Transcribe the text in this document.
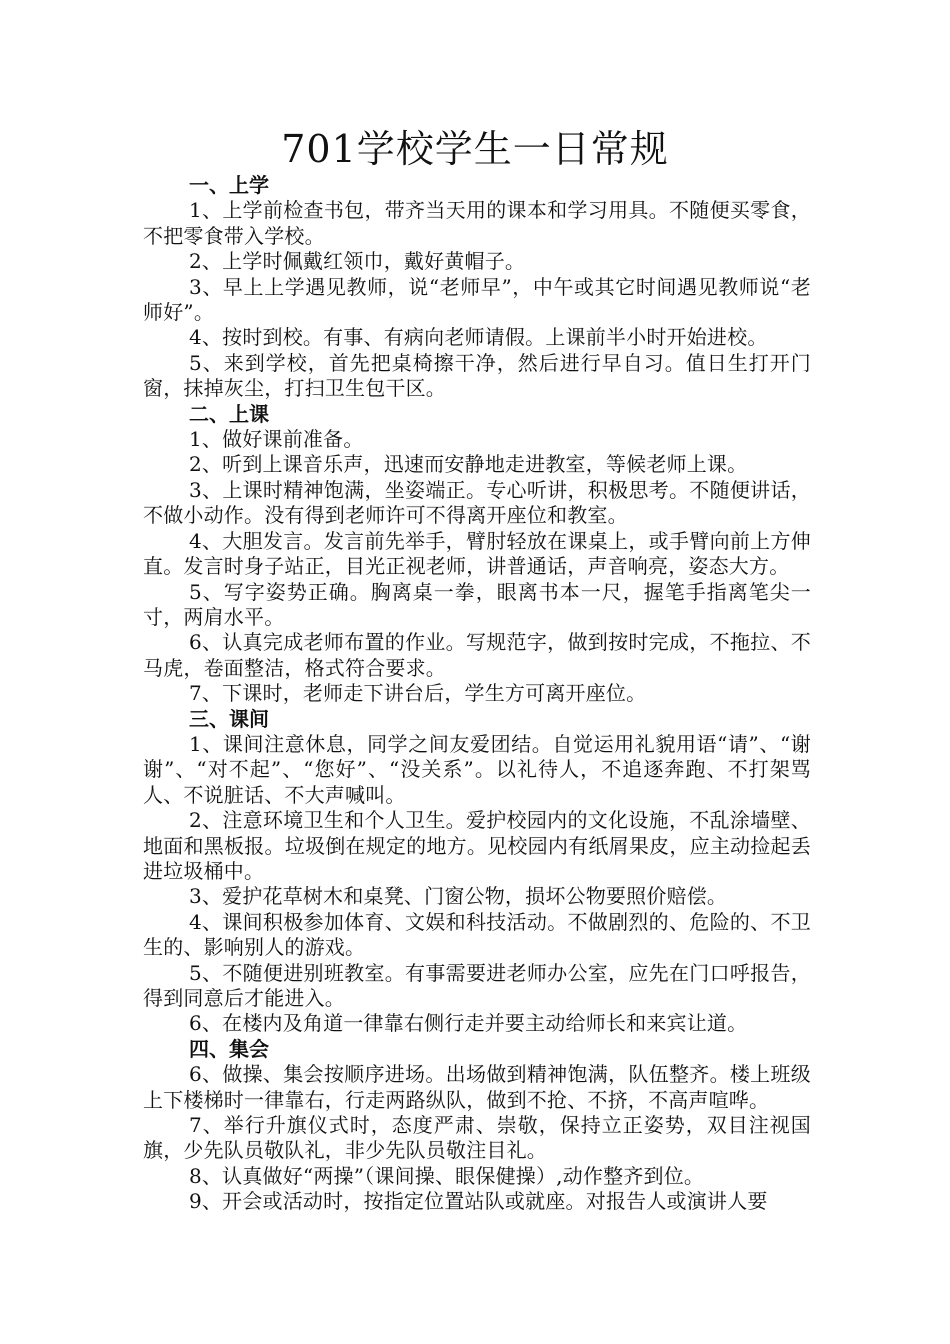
701学校学生一日常规
一、上学
1、上学前检查书包，带齐当天用的课本和学习用具。不随便买零食，不把零食带入学校。
2、上学时佩戴红领巾，戴好黄帽子。
3、早上上学遇见教师，说“老师早”，中午或其它时间遇见教师说“老师好”。
4、按时到校。有事、有病向老师请假。上课前半小时开始进校。
5、来到学校，首先把桌椅擦干净，然后进行早自习。值日生打开门窗，抹掉灰尘，打扫卫生包干区。
二、上课
1、做好课前准备。
2、听到上课音乐声，迅速而安静地走进教室，等候老师上课。
3、上课时精神饱满，坐姿端正。专心听讲，积极思考。不随便讲话，不做小动作。没有得到老师许可不得离开座位和教室。
4、大胆发言。发言前先举手，臂肘轻放在课桌上，或手臂向前上方伸直。发言时身子站正，目光正视老师，讲普通话，声音响亮，姿态大方。
5、写字姿势正确。胸离桌一拳，眼离书本一尺，握笔手指离笔尖一寸，两肩水平。
6、认真完成老师布置的作业。写规范字，做到按时完成，不拖拉、不马虎，卷面整洁，格式符合要求。
7、下课时，老师走下讲台后，学生方可离开座位。
三、课间
1、课间注意休息，同学之间友爱团结。自觉运用礼貌用语“请”、“谢谢”、“对不起”、“您好”、“没关系”。以礼待人，不追逐奔跑、不打架骂人、不说脏话、不大声喊叫。
2、注意环境卫生和个人卫生。爱护校园内的文化设施，不乱涂墙壁、地面和黑板报。垃圾倒在规定的地方。见校园内有纸屑果皮，应主动捡起丢进垃圾桶中。
3、爱护花草树木和桌凳、门窗公物，损坏公物要照价赔偿。
4、课间积极参加体育、文娱和科技活动。不做剧烈的、危险的、不卫生的、影响别人的游戏。
5、不随便进别班教室。有事需要进老师办公室，应先在门口呼报告，得到同意后才能进入。
6、在楼内及角道一律靠右侧行走并要主动给师长和来宾让道。
四、集会
6、做操、集会按顺序进场。出场做到精神饱满，队伍整齐。楼上班级上下楼梯时一律靠右，行走两路纵队，做到不抢、不挤，不高声喧哗。
7、举行升旗仪式时，态度严肃、崇敬，保持立正姿势，双目注视国旗，少先队员敬队礼，非少先队员敬注目礼。
8、认真做好“两操”（课间操、眼保健操）,动作整齐到位。
9、开会或活动时，按指定位置站队或就座。对报告人或演讲人要
